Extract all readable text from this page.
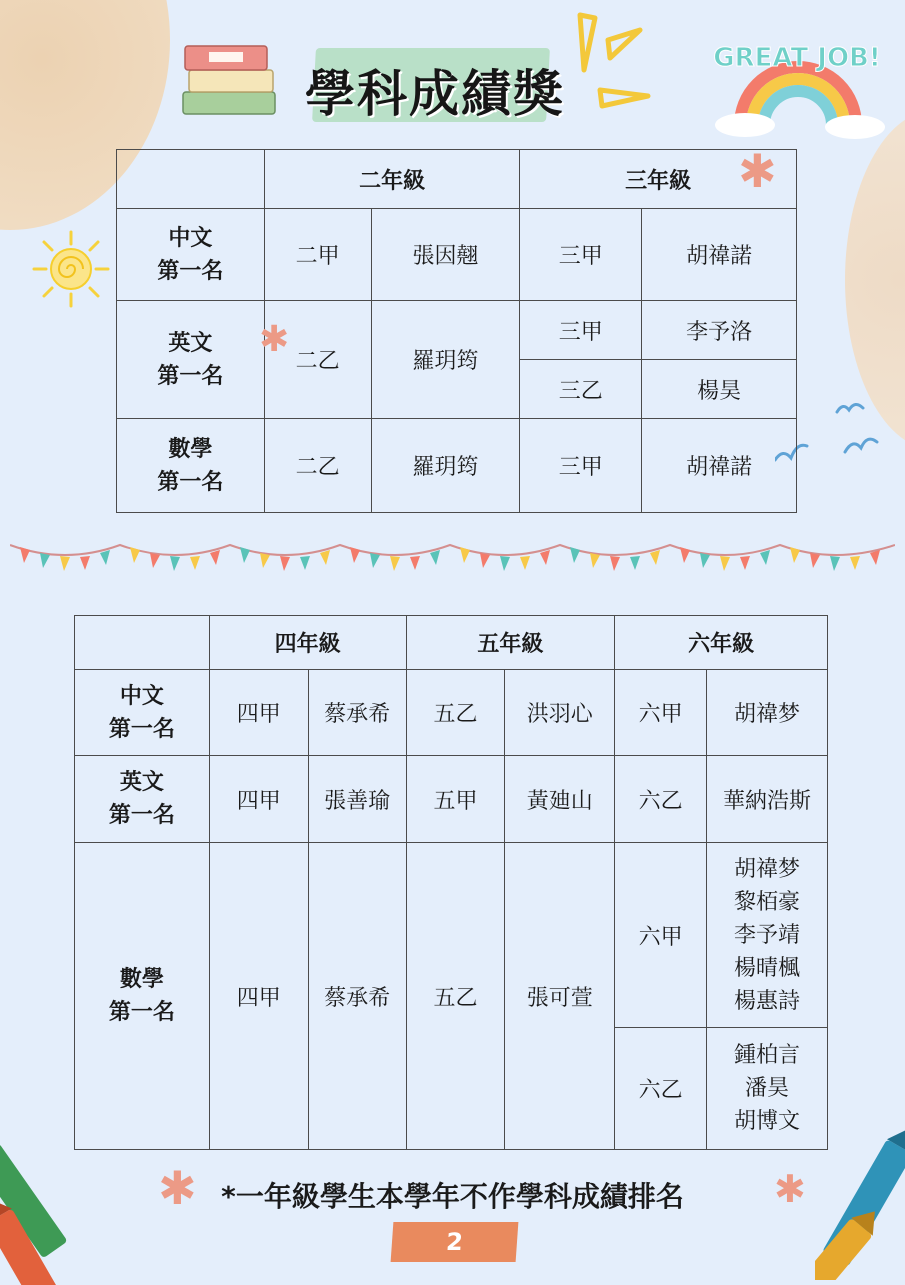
GREAT JOB!
學科成績獎
	二年級		三年級	

中文
第一名	二甲	張因翹	三甲	胡禕諾

英文
第一名	二乙	羅玥筠	三甲	李予洛
			三乙	楊昊

數學
第一名	二乙	羅玥筠	三甲	胡禕諾
✱
✱
	四年級		五年級		六年級	

中文
第一名	四甲	蔡承希	五乙	洪羽心	六甲	胡禕梦

英文
第一名	四甲	張善瑜	五甲	黃廸山	六乙	華納浩斯

數學
第一名	四甲	蔡承希	五乙	張可萱	六甲	胡禕梦
黎栢豪
李予靖
楊晴楓
楊惠詩

					六乙	鍾柏言
潘昊
胡博文
✱ *一年級學生本學年不作學科成績排名	✱
2
